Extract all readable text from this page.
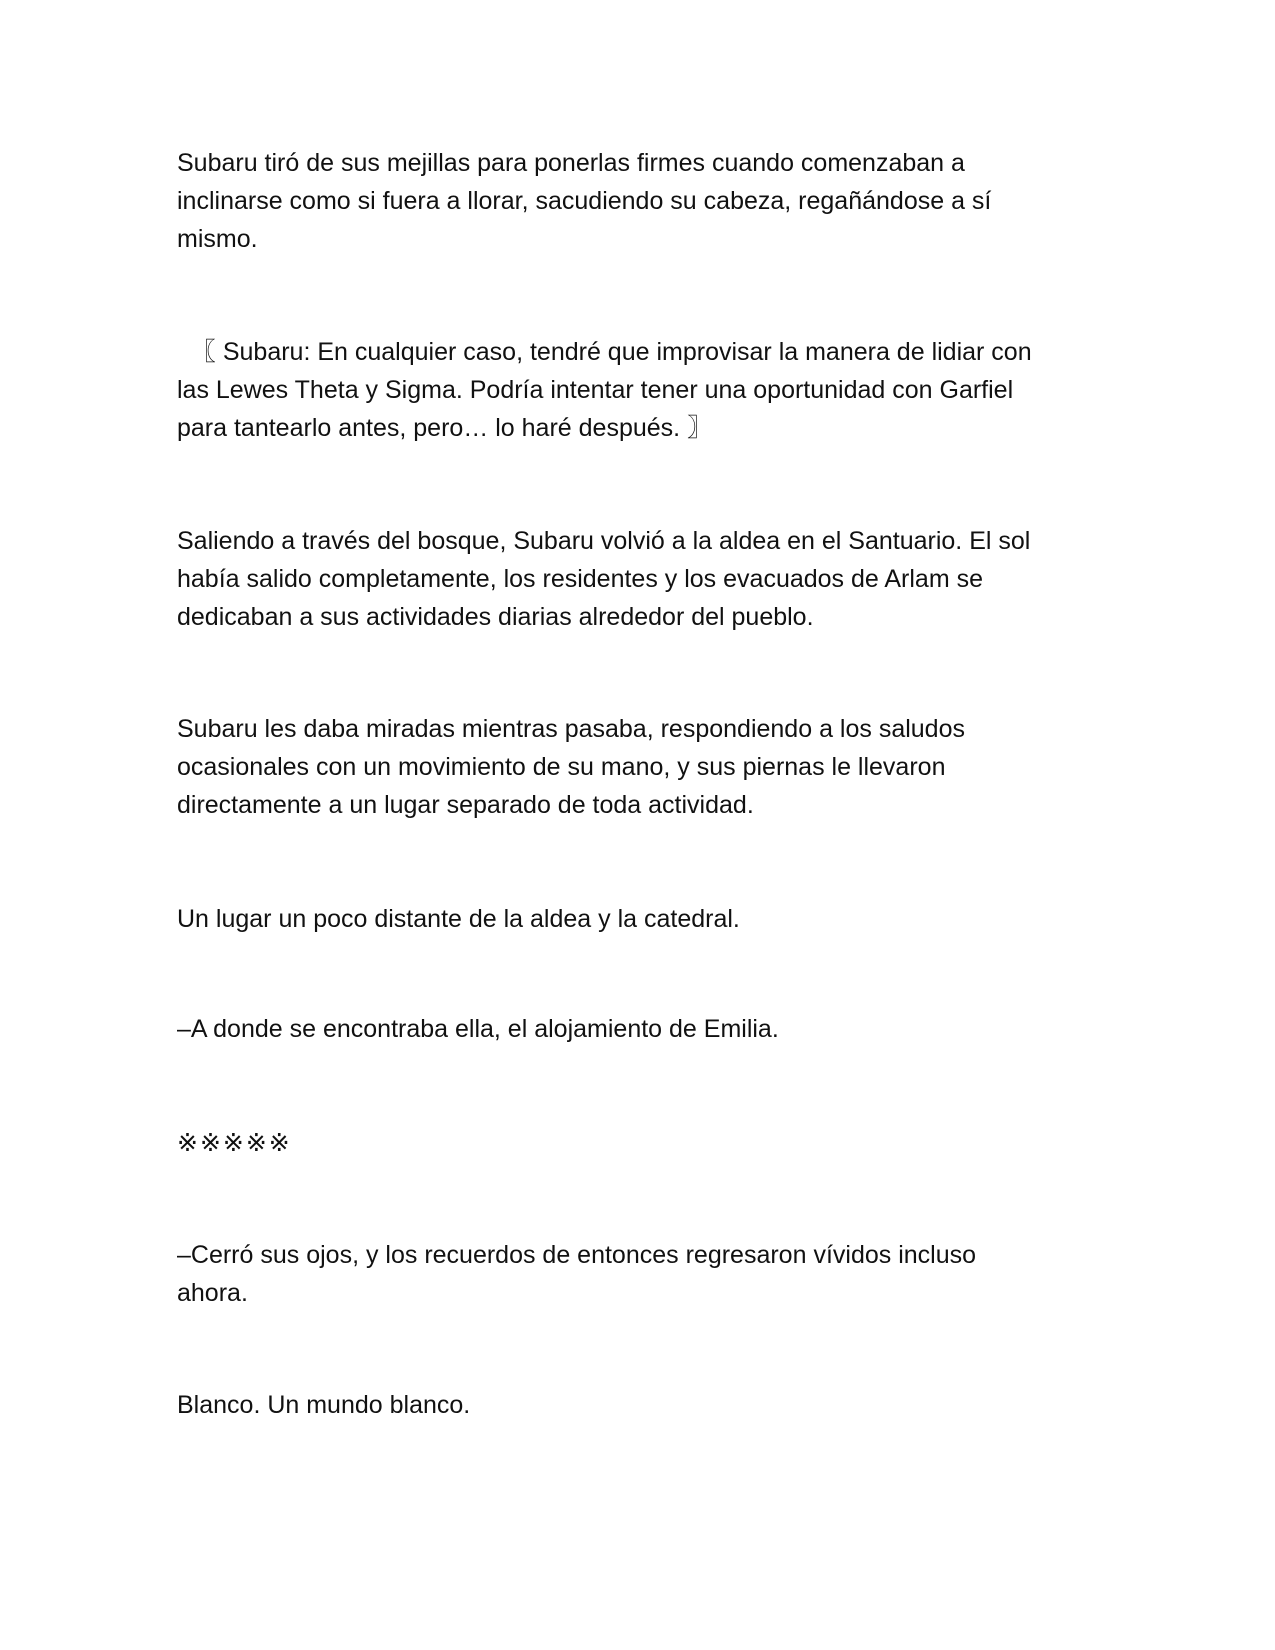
Subaru tiró de sus mejillas para ponerlas firmes cuando comenzaban a
inclinarse como si fuera a llorar, sacudiendo su cabeza, regañándose a sí
mismo.

〖 Subaru: En cualquier caso, tendré que improvisar la manera de lidiar con
las Lewes Theta y Sigma. Podría intentar tener una oportunidad con Garfiel
para tantearlo antes, pero… lo haré después. 〗

Saliendo a través del bosque, Subaru volvió a la aldea en el Santuario. El sol
había salido completamente, los residentes y los evacuados de Arlam se
dedicaban a sus actividades diarias alrededor del pueblo.

Subaru les daba miradas mientras pasaba, respondiendo a los saludos
ocasionales con un movimiento de su mano, y sus piernas le llevaron
directamente a un lugar separado de toda actividad.

Un lugar un poco distante de la aldea y la catedral.

–A donde se encontraba ella, el alojamiento de Emilia.

※※※※※

–Cerró sus ojos, y los recuerdos de entonces regresaron vívidos incluso
ahora.

Blanco. Un mundo blanco.
